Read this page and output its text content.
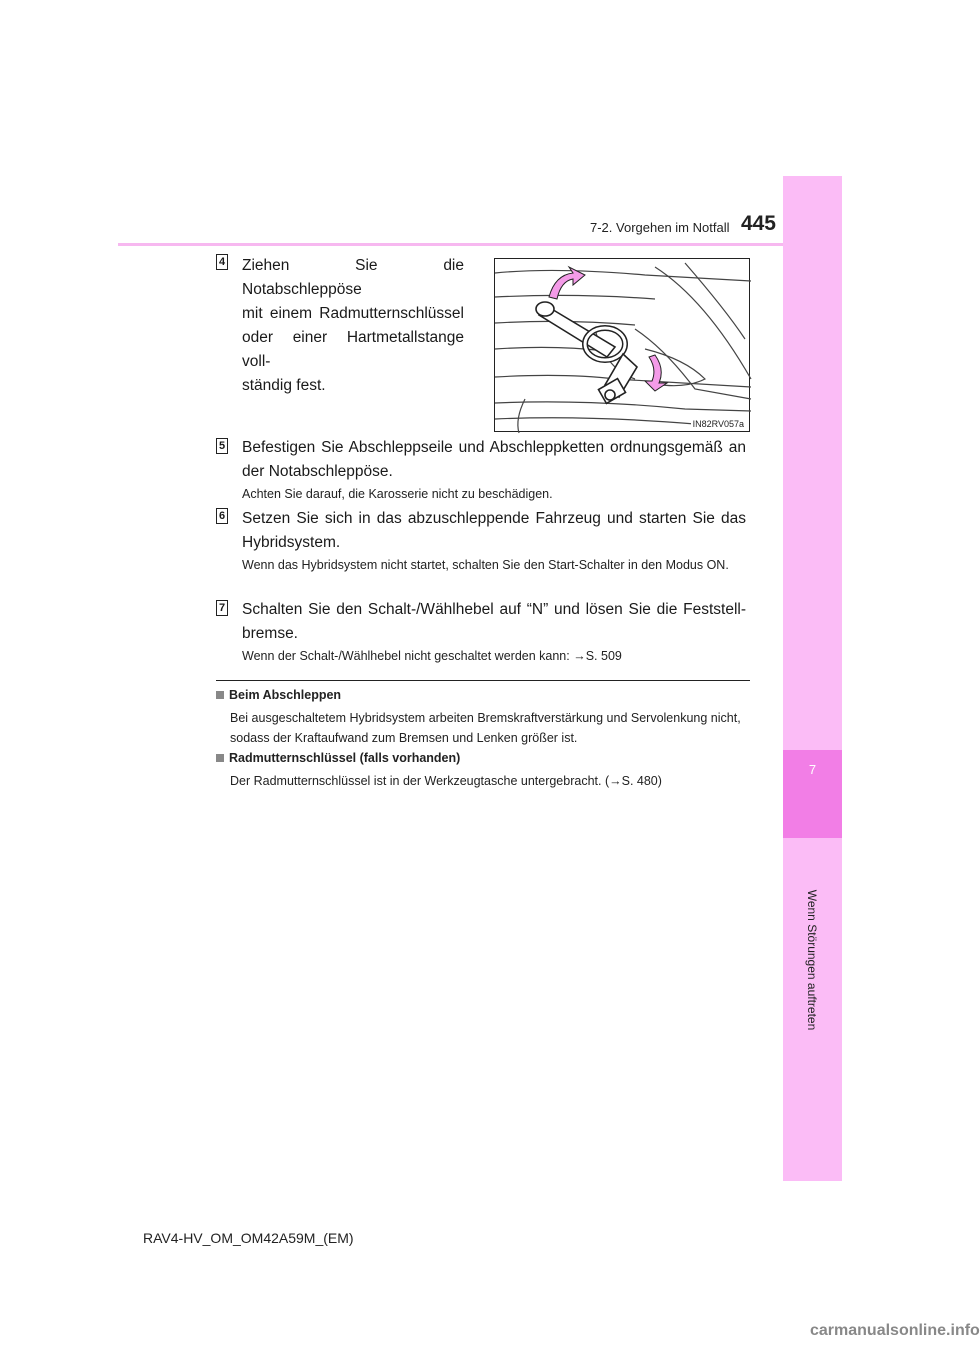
7-2. Vorgehen im Notfall 445
7
Wenn Störungen auftreten
4 Ziehen Sie die Notabschleppöse
mit einem Radmutternschlüssel
oder einer Hartmetallstange voll-
ständig fest.
IN82RV057a
5 Befestigen Sie Abschleppseile und Abschleppketten ordnungsgemäß an der Notabschleppöse.
Achten Sie darauf, die Karosserie nicht zu beschädigen.
6 Setzen Sie sich in das abzuschleppende Fahrzeug und starten Sie das Hybridsystem.
Wenn das Hybridsystem nicht startet, schalten Sie den Start-Schalter in den Modus ON.
7 Schalten Sie den Schalt-/Wählhebel auf “N” und lösen Sie die Feststell-bremse.
Wenn der Schalt-/Wählhebel nicht geschaltet werden kann: →S. 509
Beim Abschleppen
Bei ausgeschaltetem Hybridsystem arbeiten Bremskraftverstärkung und Servolenkung nicht, sodass der Kraftaufwand zum Bremsen und Lenken größer ist.
Radmutternschlüssel (falls vorhanden)
Der Radmutternschlüssel ist in der Werkzeugtasche untergebracht. (→S. 480)
RAV4-HV_OM_OM42A59M_(EM)
carmanualsonline.info
